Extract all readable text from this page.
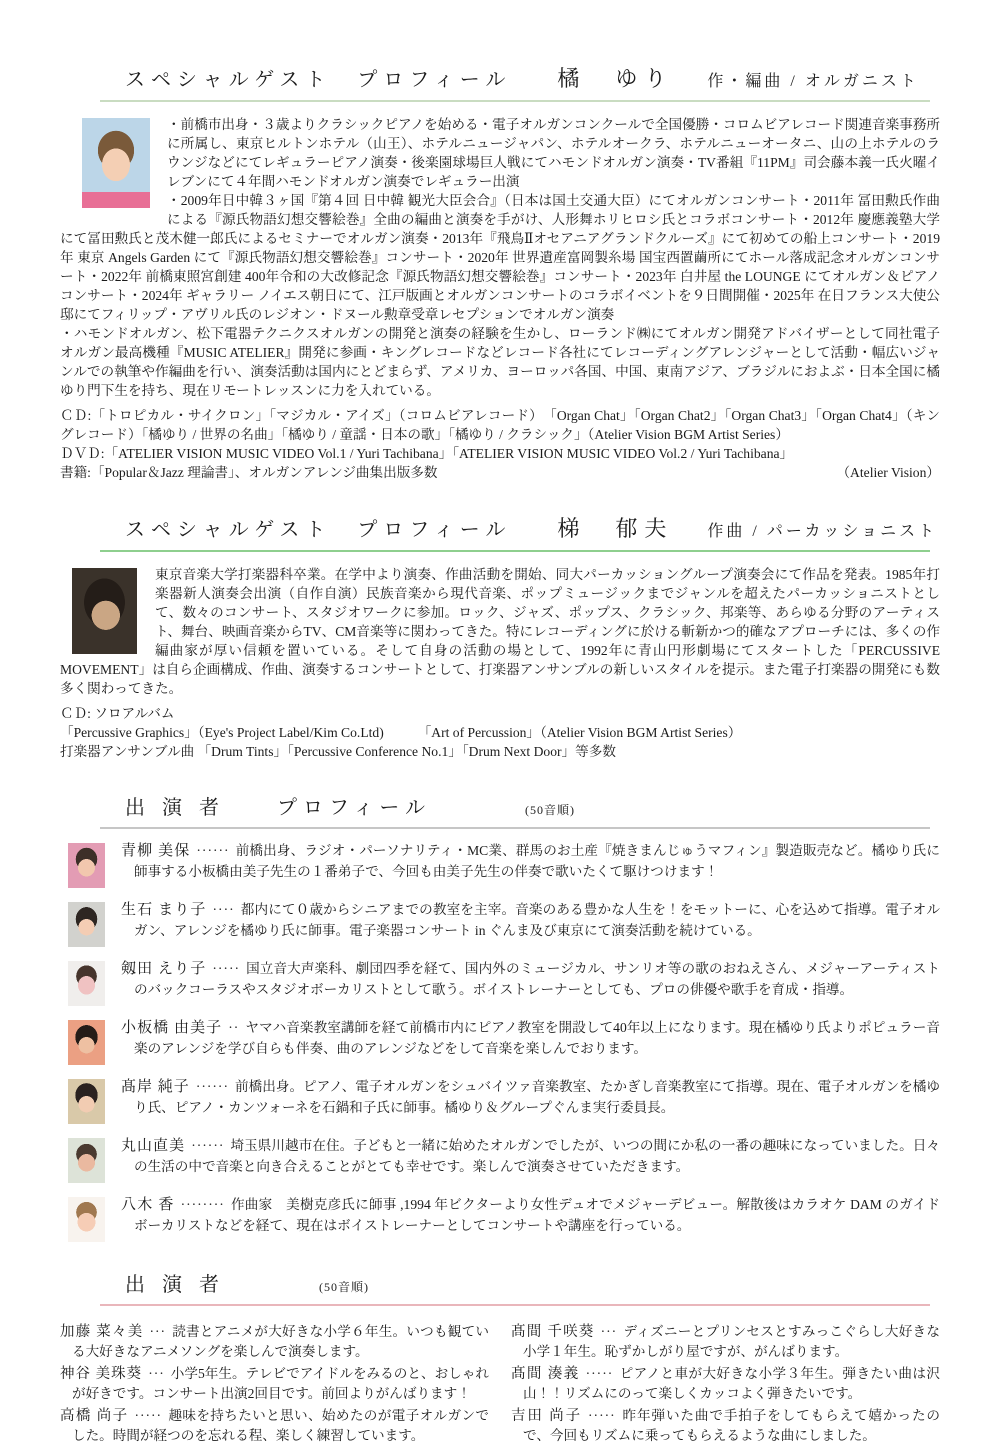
スペシャルゲスト　プロフィール 橘　ゆり 作・編曲 / オルガニスト

・前橋市出身・３歳よりクラシックピアノを始める・電子オルガンコンクールで全国優勝・コロムビアレコード関連音楽事務所に所属し、東京ヒルトンホテル（山王）、ホテルニュージャパン、ホテルオークラ、ホテルニューオータニ、山の上ホテルのラウンジなどにてレギュラーピアノ演奏・後楽園球場巨人戦にてハモンドオルガン演奏・TV番組『11PM』司会藤本義一氏火曜イレブンにて４年間ハモンドオルガン演奏でレギュラー出演

・2009年日中韓３ヶ国『第４回 日中韓 観光大臣会合』（日本は国土交通大臣）にてオルガンコンサート・2011年 冨田勲氏作曲による『源氏物語幻想交響絵巻』全曲の編曲と演奏を手がけ、人形舞ホリヒロシ氏とコラボコンサート・2012年 慶應義塾大学にて冨田勲氏と茂木健一郎氏によるセミナーでオルガン演奏・2013年『飛鳥Ⅱオセアニアグランドクルーズ』にて初めての船上コンサート・2019年 東京 Angels Garden にて『源氏物語幻想交響絵巻』コンサート・2020年 世界遺産富岡製糸場 国宝西置繭所にてホール落成記念オルガンコンサート・2022年 前橋東照宮創建 400年令和の大改修記念『源氏物語幻想交響絵巻』コンサート・2023年 白井屋 the LOUNGE にてオルガン＆ピアノコンサート・2024年 ギャラリー ノイエス朝日にて、江戸版画とオルガンコンサートのコラボイベントを９日間開催・2025年 在日フランス大使公邸にてフィリップ・アヴリル氏のレジオン・ドヌール勲章受章レセプションでオルガン演奏

・ハモンドオルガン、松下電器テクニクスオルガンの開発と演奏の経験を生かし、ローランド㈱にてオルガン開発アドバイザーとして同社電子オルガン最高機種『MUSIC ATELIER』開発に参画・キングレコードなどレコード各社にてレコーディングアレンジャーとして活動・幅広いジャンルでの執筆や作編曲を行い、演奏活動は国内にとどまらず、アメリカ、ヨーロッパ各国、中国、東南アジア、ブラジルにおよぶ・日本全国に橘ゆり門下生を持ち、現在リモートレッスンに力を入れている。

ＣＤ:「トロピカル・サイクロン」「マジカル・アイズ」（コロムビアレコード）　「Organ Chat」「Organ Chat2」「Organ Chat3」「Organ Chat4」（キングレコード）「橘ゆり / 世界の名曲」「橘ゆり / 童謡・日本の歌」「橘ゆり / クラシック」（Atelier Vision BGM Artist Series）

ＤＶＤ:「ATELIER VISION MUSIC VIDEO Vol.1 / Yuri Tachibana」「ATELIER VISION MUSIC VIDEO Vol.2 / Yuri Tachibana」

書籍:「Popular＆Jazz 理論書」、オルガンアレンジ曲集出版多数	（Atelier Vision）

スペシャルゲスト　プロフィール 梯　郁夫 作曲 / パーカッショニスト

東京音楽大学打楽器科卒業。在学中より演奏、作曲活動を開始、同大パーカッショングループ演奏会にて作品を発表。1985年打楽器新人演奏会出演（自作自演）民族音楽から現代音楽、ポップミュージックまでジャンルを超えたパーカッショニストとして、数々のコンサート、スタジオワークに参加。ロック、ジャズ、ポップス、クラシック、邦楽等、あらゆる分野のアーティスト、舞台、映画音楽からTV、CM音楽等に関わってきた。特にレコーディングに於ける斬新かつ的確なアプローチには、多くの作編曲家が厚い信頼を置いている。そして自身の活動の場として、1992年に青山円形劇場にてスタートした「PERCUSSIVE MOVEMENT」は自ら企画構成、作曲、演奏するコンサートとして、打楽器アンサンブルの新しいスタイルを提示。また電子打楽器の開発にも数多く関わってきた。

ＣＤ: ソロアルバム

「Percussive Graphics」（Eye's Project Label/Kim Co.Ltd)　　　「Art of Percussion」（Atelier Vision BGM Artist Series）

打楽器アンサンブル曲 「Drum Tints」「Percussive Conference No.1」「Drum Next Door」等多数

出 演 者　　プロフィール	(50音順)
青柳 美保 ······ 前橋出身、ラジオ・パーソナリティ・MC業、群馬のお土産『焼きまんじゅうマフィン』製造販売など。橘ゆり氏に師事する小板橋由美子先生の１番弟子で、今回も由美子先生の伴奏で歌いたくて駆けつけます！
生石 まり子 ···· 都内にて０歳からシニアまでの教室を主宰。音楽のある豊かな人生を！をモットーに、心を込めて指導。電子オルガン、アレンジを橘ゆり氏に師事。電子楽器コンサート in ぐんま及び東京にて演奏活動を続けている。
剱田 えり子 ····· 国立音大声楽科、劇団四季を経て、国内外のミュージカル、サンリオ等の歌のおねえさん、メジャーアーティストのバックコーラスやスタジオボーカリストとして歌う。ボイストレーナーとしても、プロの俳優や歌手を育成・指導。
小板橋 由美子 ·· ヤマハ音楽教室講師を経て前橋市内にピアノ教室を開設して40年以上になります。現在橘ゆり氏よりポピュラー音楽のアレンジを学び自らも伴奏、曲のアレンジなどをして音楽を楽しんでおります。
髙岸 純子 ······ 前橋出身。ピアノ、電子オルガンをシュバイツァ音楽教室、たかぎし音楽教室にて指導。現在、電子オルガンを橘ゆり氏、ピアノ・カンツォーネを石鍋和子氏に師事。橘ゆり＆グループぐんま実行委員長。
丸山直美 ······ 埼玉県川越市在住。子どもと一緒に始めたオルガンでしたが、いつの間にか私の一番の趣味になっていました。日々の生活の中で音楽と向き合えることがとても幸せです。楽しんで演奏させていただきます。
八木 香 ········ 作曲家　美樹克彦氏に師事 ,1994 年ビクターより女性デュオでメジャーデビュー。解散後はカラオケ DAM のガイドボーカリストなどを経て、現在はボイストレーナーとしてコンサートや講座を行っている。
出 演 者	(50音順)
加藤 菜々美 ··· 読書とアニメが大好きな小学６年生。いつも観ている大好きなアニメソングを楽しんで演奏します。
神谷 美珠葵 ··· 小学5年生。テレビでアイドルをみるのと、おしゃれが好きです。コンサート出演2回目です。前回よりがんばります！
高橋 尚子 ····· 趣味を持ちたいと思い、始めたのが電子オルガンでした。時間が経つのを忘れる程、楽しく練習しています。
髙間 千咲葵 ··· ディズニーとプリンセスとすみっこぐらし大好きな小学１年生。恥ずかしがり屋ですが、がんばります。
髙間 湊義 ····· ピアノと車が大好きな小学３年生。弾きたい曲は沢山！！リズムにのって楽しくカッコよく弾きたいです。
吉田 尚子 ····· 昨年弾いた曲で手拍子をしてもらえて嬉かったので、今回もリズムに乗ってもらえるような曲にしました。
